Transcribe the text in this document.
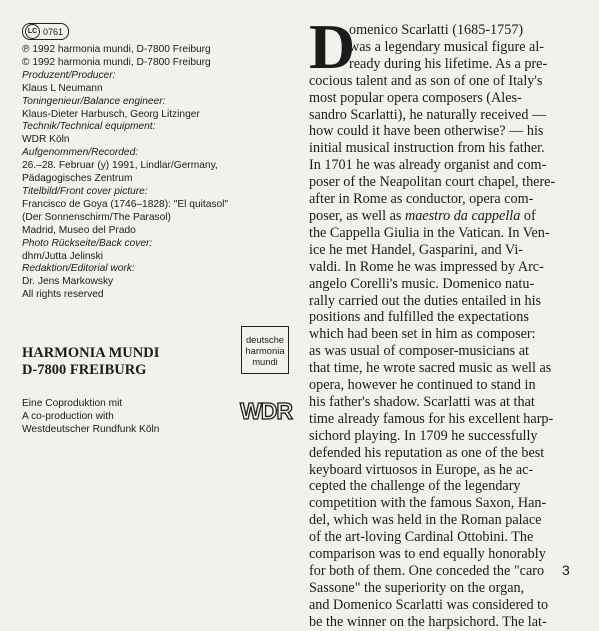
LC 0761
℗ 1992 harmonia mundi, D-7800 Freiburg
© 1992 harmonia mundi, D-7800 Freiburg
Produzent/Producer:
Klaus L Neumann
Toningenieur/Balance engineer:
Klaus-Dieter Harbusch, Georg Litzinger
Technik/Technical equipment:
WDR Köln
Aufgenommen/Recorded:
26.–28. Februar (y) 1991, Lindlar/Germany,
Pädagogisches Zentrum
Titelbild/Front cover picture:
Francisco de Goya (1746–1828): "El quitasol"
(Der Sonnenschirm/The Parasol)
Madrid, Museo del Prado
Photo Rückseite/Back cover:
dhm/Jutta Jelinski
Redaktion/Editorial work:
Dr. Jens Markowsky
All rights reserved
HARMONIA MUNDI
D-7800 FREIBURG
Eine Coproduktion mit
A co-production with
Westdeutscher Rundfunk Köln
deutsche
harmonia
mundi
WDR
D

omenico Scarlatti (1685-1757)
was a legendary musical figure al-
ready during his lifetime. As a pre-
cocious talent and as son of one of Italy's
most popular opera composers (Ales-
sandro Scarlatti), he naturally received —
how could it have been otherwise? — his
initial musical instruction from his father.
In 1701 he was already organist and com-
poser of the Neapolitan court chapel, there-
after in Rome as conductor, opera com-
poser, as well as maestro da cappella of
the Cappella Giulia in the Vatican. In Ven-
ice he met Handel, Gasparini, and Vi-
valdi. In Rome he was impressed by Arc-
angelo Corelli's music. Domenico natu-
rally carried out the duties entailed in his
positions and fulfilled the expectations
which had been set in him as composer:
as was usual of composer-musicians at
that time, he wrote sacred music as well as
opera, however he continued to stand in
his father's shadow. Scarlatti was at that
time already famous for his excellent harp-
sichord playing. In 1709 he successfully
defended his reputation as one of the best
keyboard virtuosos in Europe, as he ac-
cepted the challenge of the legendary
competition with the famous Saxon, Han-
del, which was held in the Roman palace
of the art-loving Cardinal Ottobini. The
comparison was to end equally honorably
for both of them. One conceded the "caro
Sassone" the superiority on the organ,
and Domenico Scarlatti was considered to
be the winner on the harpsichord. The lat-

3
